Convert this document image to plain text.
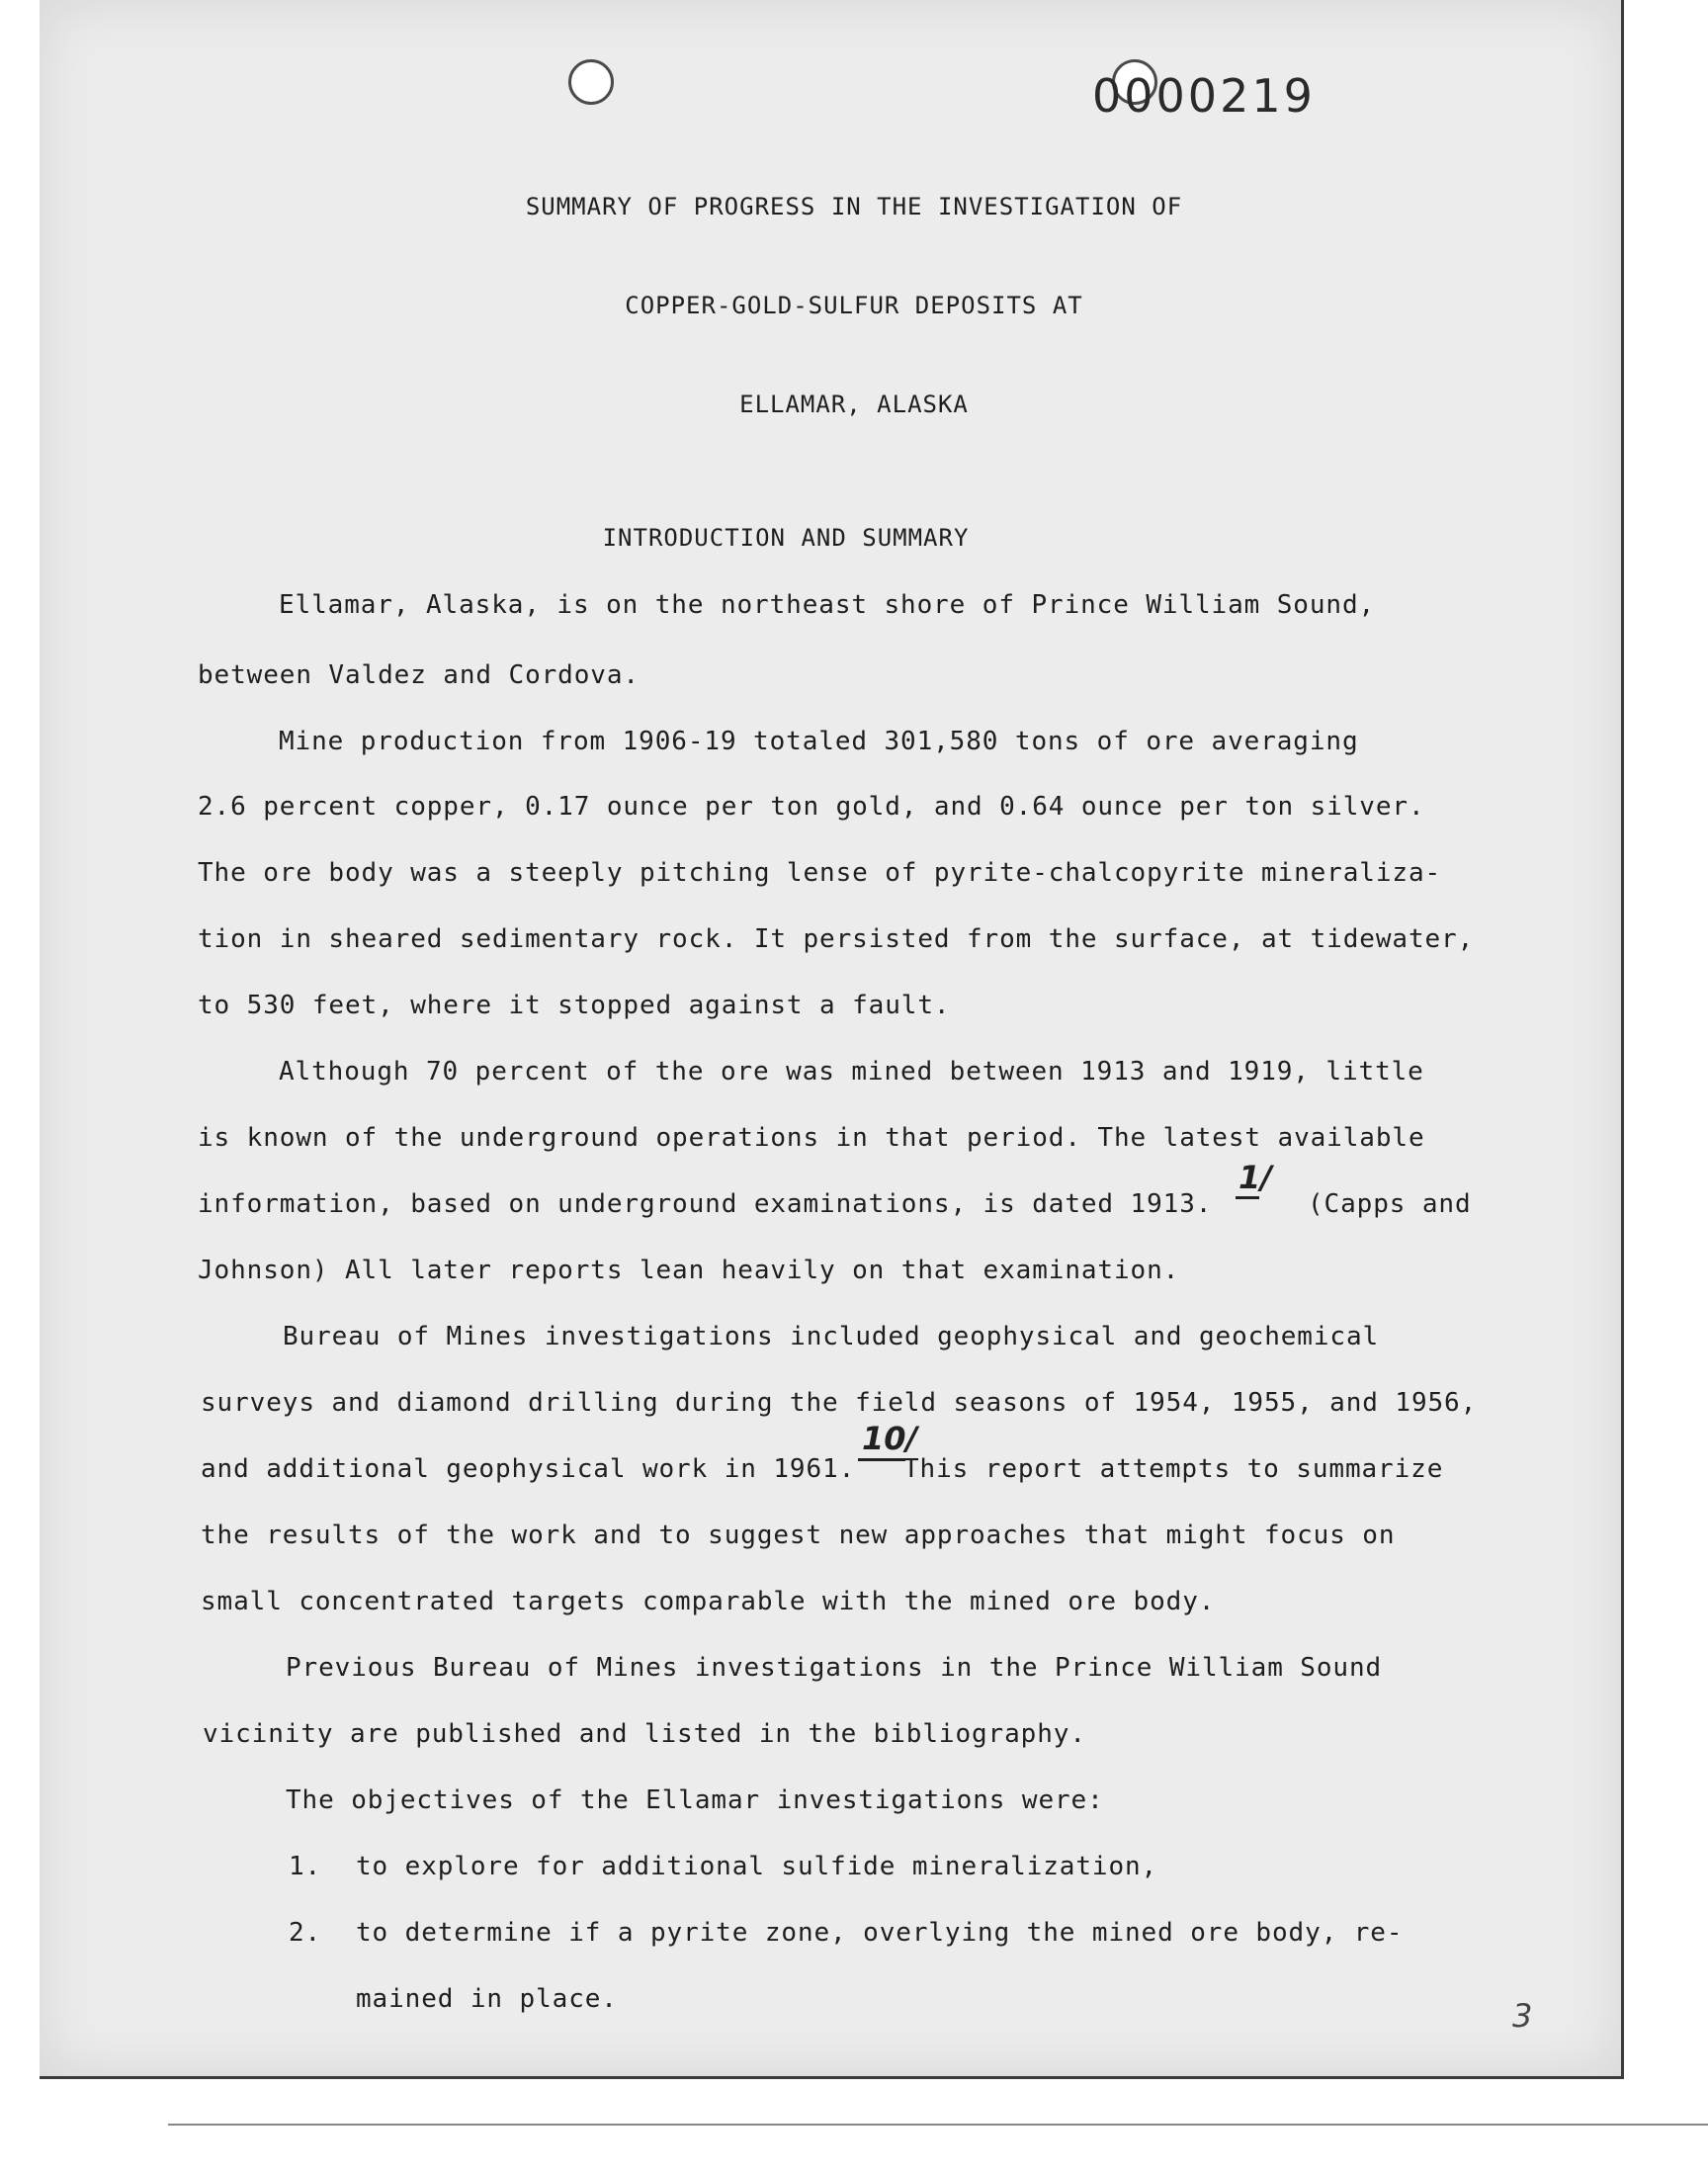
0000219
SUMMARY OF PROGRESS IN THE INVESTIGATION OF
COPPER-GOLD-SULFUR DEPOSITS AT
ELLAMAR, ALASKA
INTRODUCTION AND SUMMARY
Ellamar, Alaska, is on the northeast shore of Prince William Sound,
between Valdez and Cordova.
Mine production from 1906-19 totaled 301,580 tons of ore averaging
2.6 percent copper, 0.17 ounce per ton gold, and 0.64 ounce per ton silver.
The ore body was a steeply pitching lense of pyrite-chalcopyrite mineraliza-
tion in sheared sedimentary rock. It persisted from the surface, at tidewater,
to 530 feet, where it stopped against a fault.
Although 70 percent of the ore was mined between 1913 and 1919, little
is known of the underground operations in that period. The latest available
information, based on underground examinations, is dated 1913.
1/
(Capps and
Johnson) All later reports lean heavily on that examination.
Bureau of Mines investigations included geophysical and geochemical
surveys and diamond drilling during the field seasons of 1954, 1955, and 1956,
and additional geophysical work in 1961.
10/
This report attempts to summarize
the results of the work and to suggest new approaches that might focus on
small concentrated targets comparable with the mined ore body.
Previous Bureau of Mines investigations in the Prince William Sound
vicinity are published and listed in the bibliography.
The objectives of the Ellamar investigations were:
1. to explore for additional sulfide mineralization,
2. to determine if a pyrite zone, overlying the mined ore body, re-
mained in place.	3
